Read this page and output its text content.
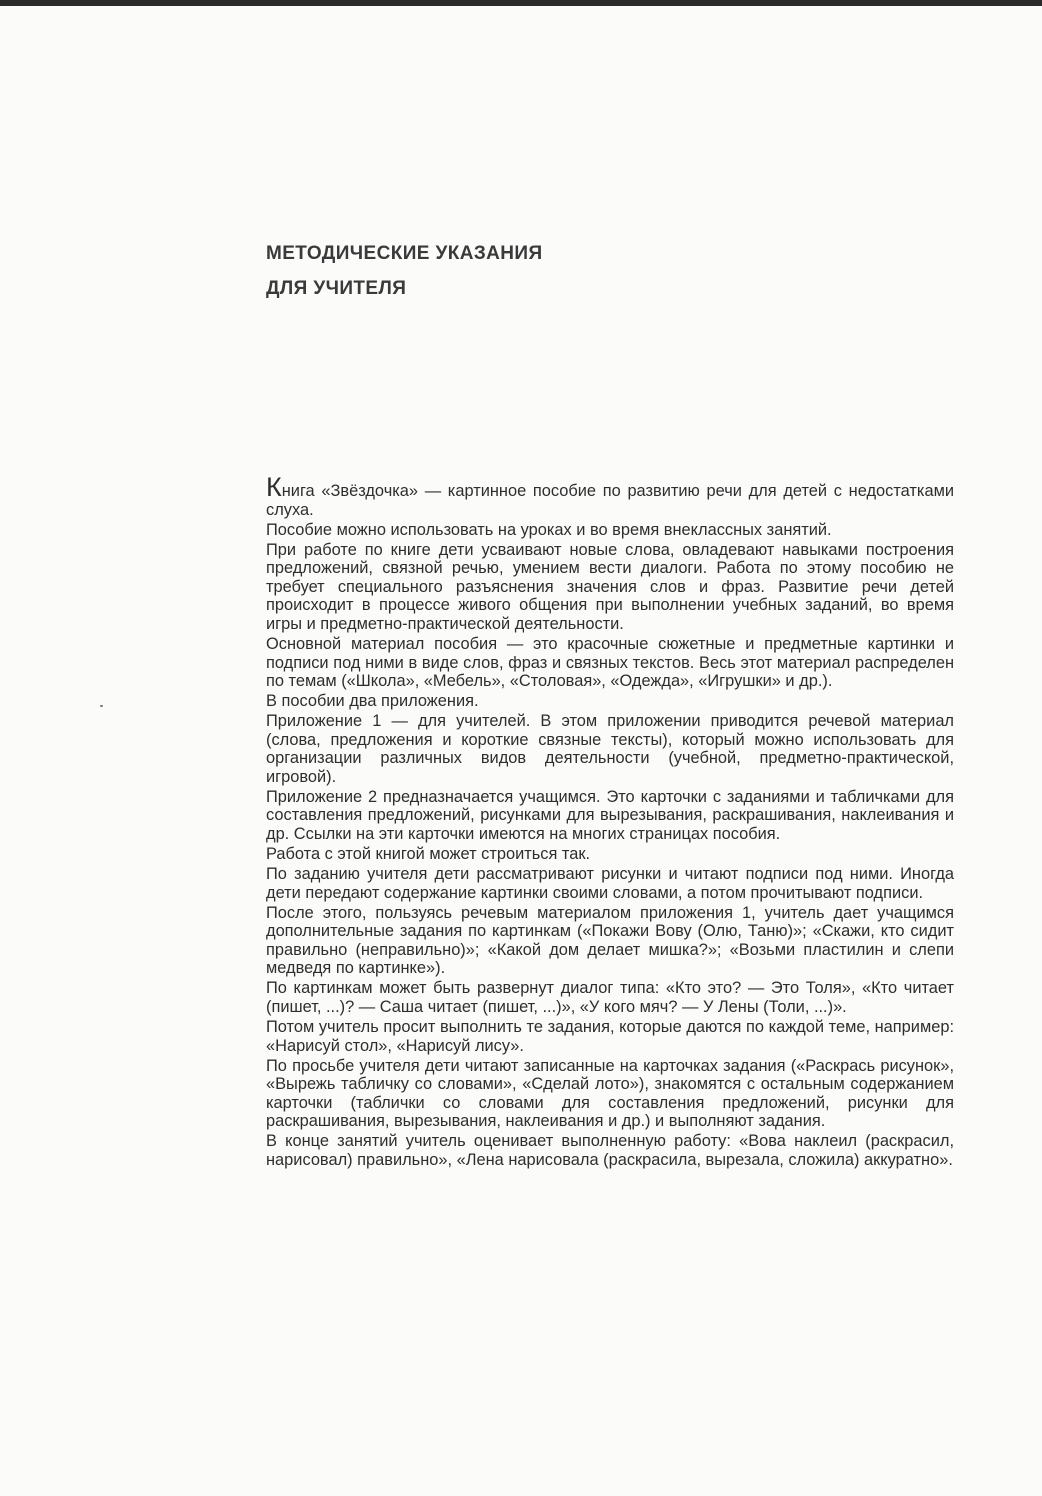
МЕТОДИЧЕСКИЕ УКАЗАНИЯ
ДЛЯ УЧИТЕЛЯ

Книга «Звёздочка» — картинное пособие по развитию речи для детей с недостатками слуха.

Пособие можно использовать на уроках и во время внеклассных занятий.

При работе по книге дети усваивают новые слова, овладевают навыками построения предложений, связной речью, умением вести диалоги. Работа по этому пособию не требует специального разъяснения значения слов и фраз. Развитие речи детей происходит в процессе живого общения при выполнении учебных заданий, во время игры и предметно-практической деятельности.

Основной материал пособия — это красочные сюжетные и предметные картинки и подписи под ними в виде слов, фраз и связных текстов. Весь этот материал распределен по темам («Школа», «Мебель», «Столовая», «Одежда», «Игрушки» и др.).

В пособии два приложения.

Приложение 1 — для учителей. В этом приложении приводится речевой материал (слова, предложения и короткие связные тексты), который можно использовать для организации различных видов деятельности (учебной, предметно-практической, игровой).

Приложение 2 предназначается учащимся. Это карточки с заданиями и табличками для составления предложений, рисунками для вырезывания, раскрашивания, наклеивания и др. Ссылки на эти карточки имеются на многих страницах пособия.

Работа с этой книгой может строиться так.

По заданию учителя дети рассматривают рисунки и читают подписи под ними. Иногда дети передают содержание картинки своими словами, а потом прочитывают подписи.

После этого, пользуясь речевым материалом приложения 1, учитель дает учащимся дополнительные задания по картинкам («Покажи Вову (Олю, Таню)»; «Скажи, кто сидит правильно (неправильно)»; «Какой дом делает мишка?»; «Возьми пластилин и слепи медведя по картинке»).

По картинкам может быть развернут диалог типа: «Кто это? — Это Толя», «Кто читает (пишет, ...)? — Саша читает (пишет, ...)», «У кого мяч? — У Лены (Толи, ...)».

Потом учитель просит выполнить те задания, которые даются по каждой теме, например: «Нарисуй стол», «Нарисуй лису».

По просьбе учителя дети читают записанные на карточках задания («Раскрась рисунок», «Вырежь табличку со словами», «Сделай лото»), знакомятся с остальным содержанием карточки (таблички со словами для составления предложений, рисунки для раскрашивания, вырезывания, наклеивания и др.) и выполняют задания.

В конце занятий учитель оценивает выполненную работу: «Вова наклеил (раскрасил, нарисовал) правильно», «Лена нарисовала (раскрасила, вырезала, сложила) аккуратно».
